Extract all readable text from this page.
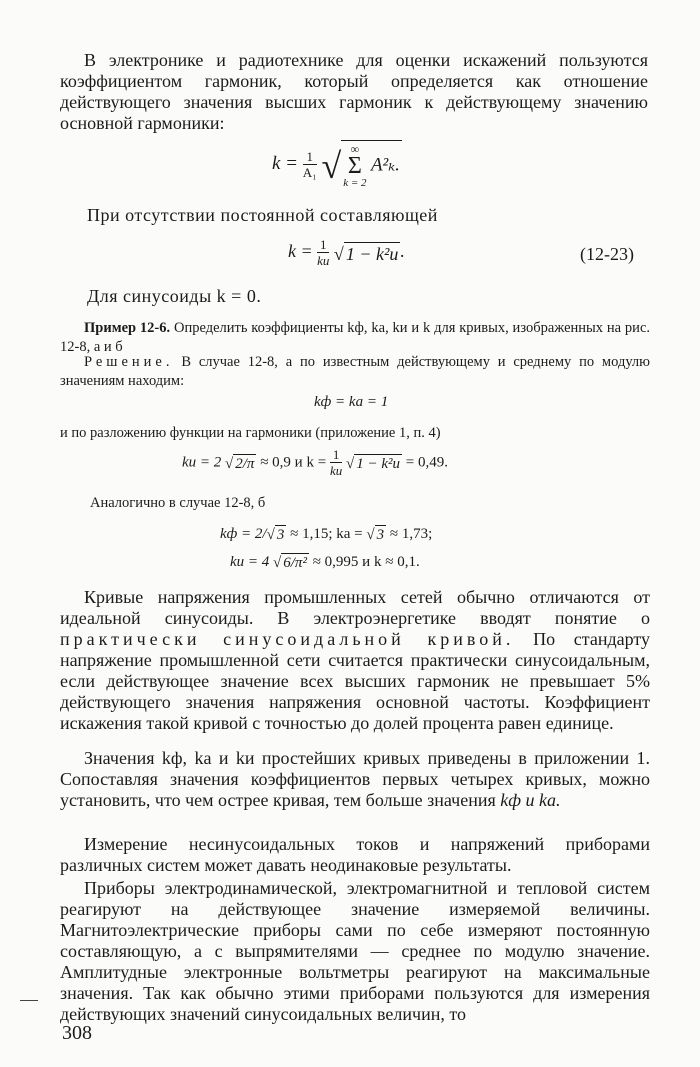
В электронике и радиотехнике для оценки искажений пользуются коэффициентом гармоник, который определяется как отношение действующего значения высших гармоник к действующему значению основной гармоники:

$k = \frac{1}{\text{A₁}}$ √ ∞
Σ
k = 2
A²ₖ.

При отсутствии постоянной составляющей

$k = \frac{1}{kи}$ √ 1 − k²и .	(12-23)

Для синусоиды k = 0.

Пример 12-6. Определить коэффициенты kф, kа, kи и k для кривых, изображенных на рис. 12-8, а и б

Решение. В случае 12-8, а по известным действующему и среднему по модулю значениям находим:

kф = kа = 1

и по разложению функции на гармоники (приложение 1, п. 4)

kи = 2 √ 2/π ≈ 0,9 и $k = \frac{1}{kи}$ √ 1 − k²и = 0,49.

Аналогично в случае 12-8, б

kф = 2/√ 3 ≈ 1,15; kа = √ 3 ≈ 1,73;
kи = 4 √ 6/π² ≈ 0,995 и k ≈ 0,1.

Кривые напряжения промышленных сетей обычно отличаются от идеальной синусоиды. В электроэнергетике вводят понятие о практически синусоидальной кривой. По стандарту напряжение промышленной сети считается практически синусоидальным, если действующее значение всех высших гармоник не превышает 5% действующего значения напряжения основной частоты. Коэффициент искажения такой кривой с точностью до долей процента равен единице.

Значения kф, kа и kи простейших кривых приведены в приложении 1. Сопоставляя значения коэффициентов первых четырех кривых, можно установить, что чем острее кривая, тем больше значения kф и kа.

Измерение несинусоидальных токов и напряжений приборами различных систем может давать неодинаковые результаты.

Приборы электродинамической, электромагнитной и тепловой систем реагируют на действующее значение измеряемой величины. Магнитоэлектрические приборы сами по себе измеряют постоянную составляющую, а с выпрямителями — среднее по модулю значение. Амплитудные электронные вольтметры реагируют на максимальные значения. Так как обычно этими приборами пользуются для измерения действующих значений синусоидальных величин, то

308
